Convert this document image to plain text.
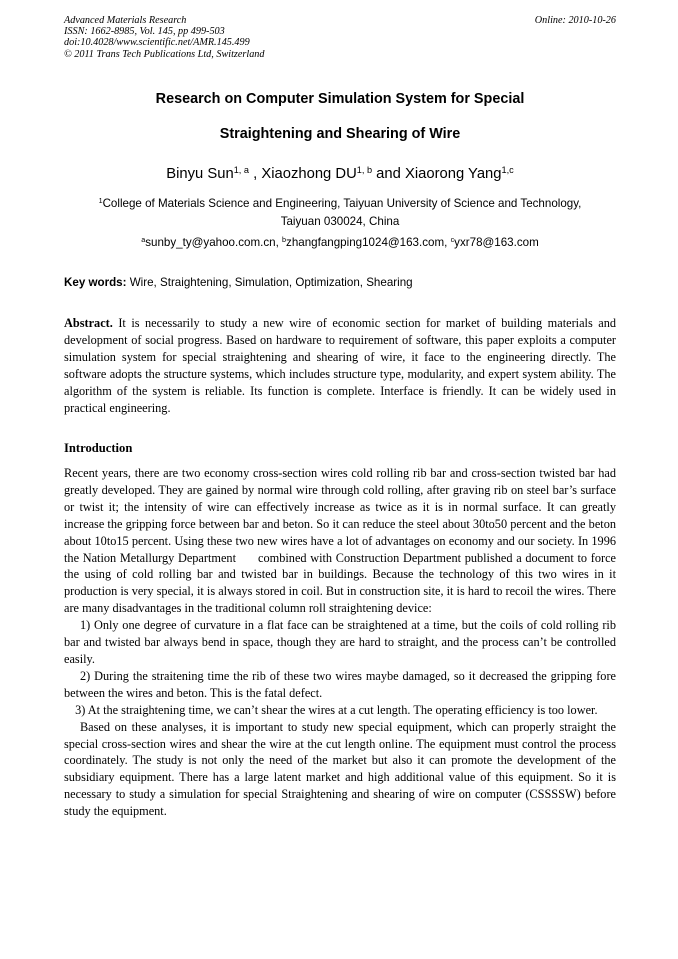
Advanced Materials Research
ISSN: 1662-8985, Vol. 145, pp 499-503
doi:10.4028/www.scientific.net/AMR.145.499
© 2011 Trans Tech Publications Ltd, Switzerland
Online: 2010-10-26
Research on Computer Simulation System for Special
Straightening and Shearing of Wire
Binyu Sun$^{1, a}$ , Xiaozhong DU$^{1, b}$ and Xiaorong Yang$^{1,c}$
$^1$College of Materials Science and Engineering, Taiyuan University of Science and Technology,
Taiyuan 030024, China
$^a$sunby_ty@yahoo.com.cn, $^b$zhangfangping1024@163.com, $^c$yxr78@163.com
Key words: Wire, Straightening, Simulation, Optimization, Shearing
Abstract. It is necessarily to study a new wire of economic section for market of building materials and development of social progress. Based on hardware to requirement of software, this paper exploits a computer simulation system for special straightening and shearing of wire, it face to the engineering directly. The software adopts the structure systems, which includes structure type, modularity, and expert system ability. The algorithm of the system is reliable. Its function is complete. Interface is friendly. It can be widely used in practical engineering.
Introduction

Recent years, there are two economy cross-section wires cold rolling rib bar and cross-section twisted bar had greatly developed. They are gained by normal wire through cold rolling, after graving rib on steel bar’s surface or twist it; the intensity of wire can effectively increase as twice as it is in normal surface. It can greatly increase the gripping force between bar and beton. So it can reduce the steel about 30to50 percent and the beton about 10to15 percent. Using these two new wires have a lot of advantages on economy and our society. In 1996 the Nation Metallurgy Department      combined with Construction Department published a document to force the using of cold rolling bar and twisted bar in buildings. Because the technology of this two wires in it production is very special, it is always stored in coil. But in construction site, it is hard to recoil the wires. There are many disadvantages in the traditional column roll straightening device:

1) Only one degree of curvature in a flat face can be straightened at a time, but the coils of cold rolling rib bar and twisted bar always bend in space, though they are hard to straight, and the process can’t be controlled easily.

2) During the straitening time the rib of these two wires maybe damaged, so it decreased the gripping fore between the wires and beton. This is the fatal defect.

3) At the straightening time, we can’t shear the wires at a cut length. The operating efficiency is too lower.

Based on these analyses, it is important to study new special equipment, which can properly straight the special cross-section wires and shear the wire at the cut length online. The equipment must control the process coordinately. The study is not only the need of the market but also it can promote the development of the subsidiary equipment. There has a large latent market and high additional value of this equipment. So it is necessary to study a simulation for special Straightening and shearing of wire on computer (CSSSSW) before study the equipment.
